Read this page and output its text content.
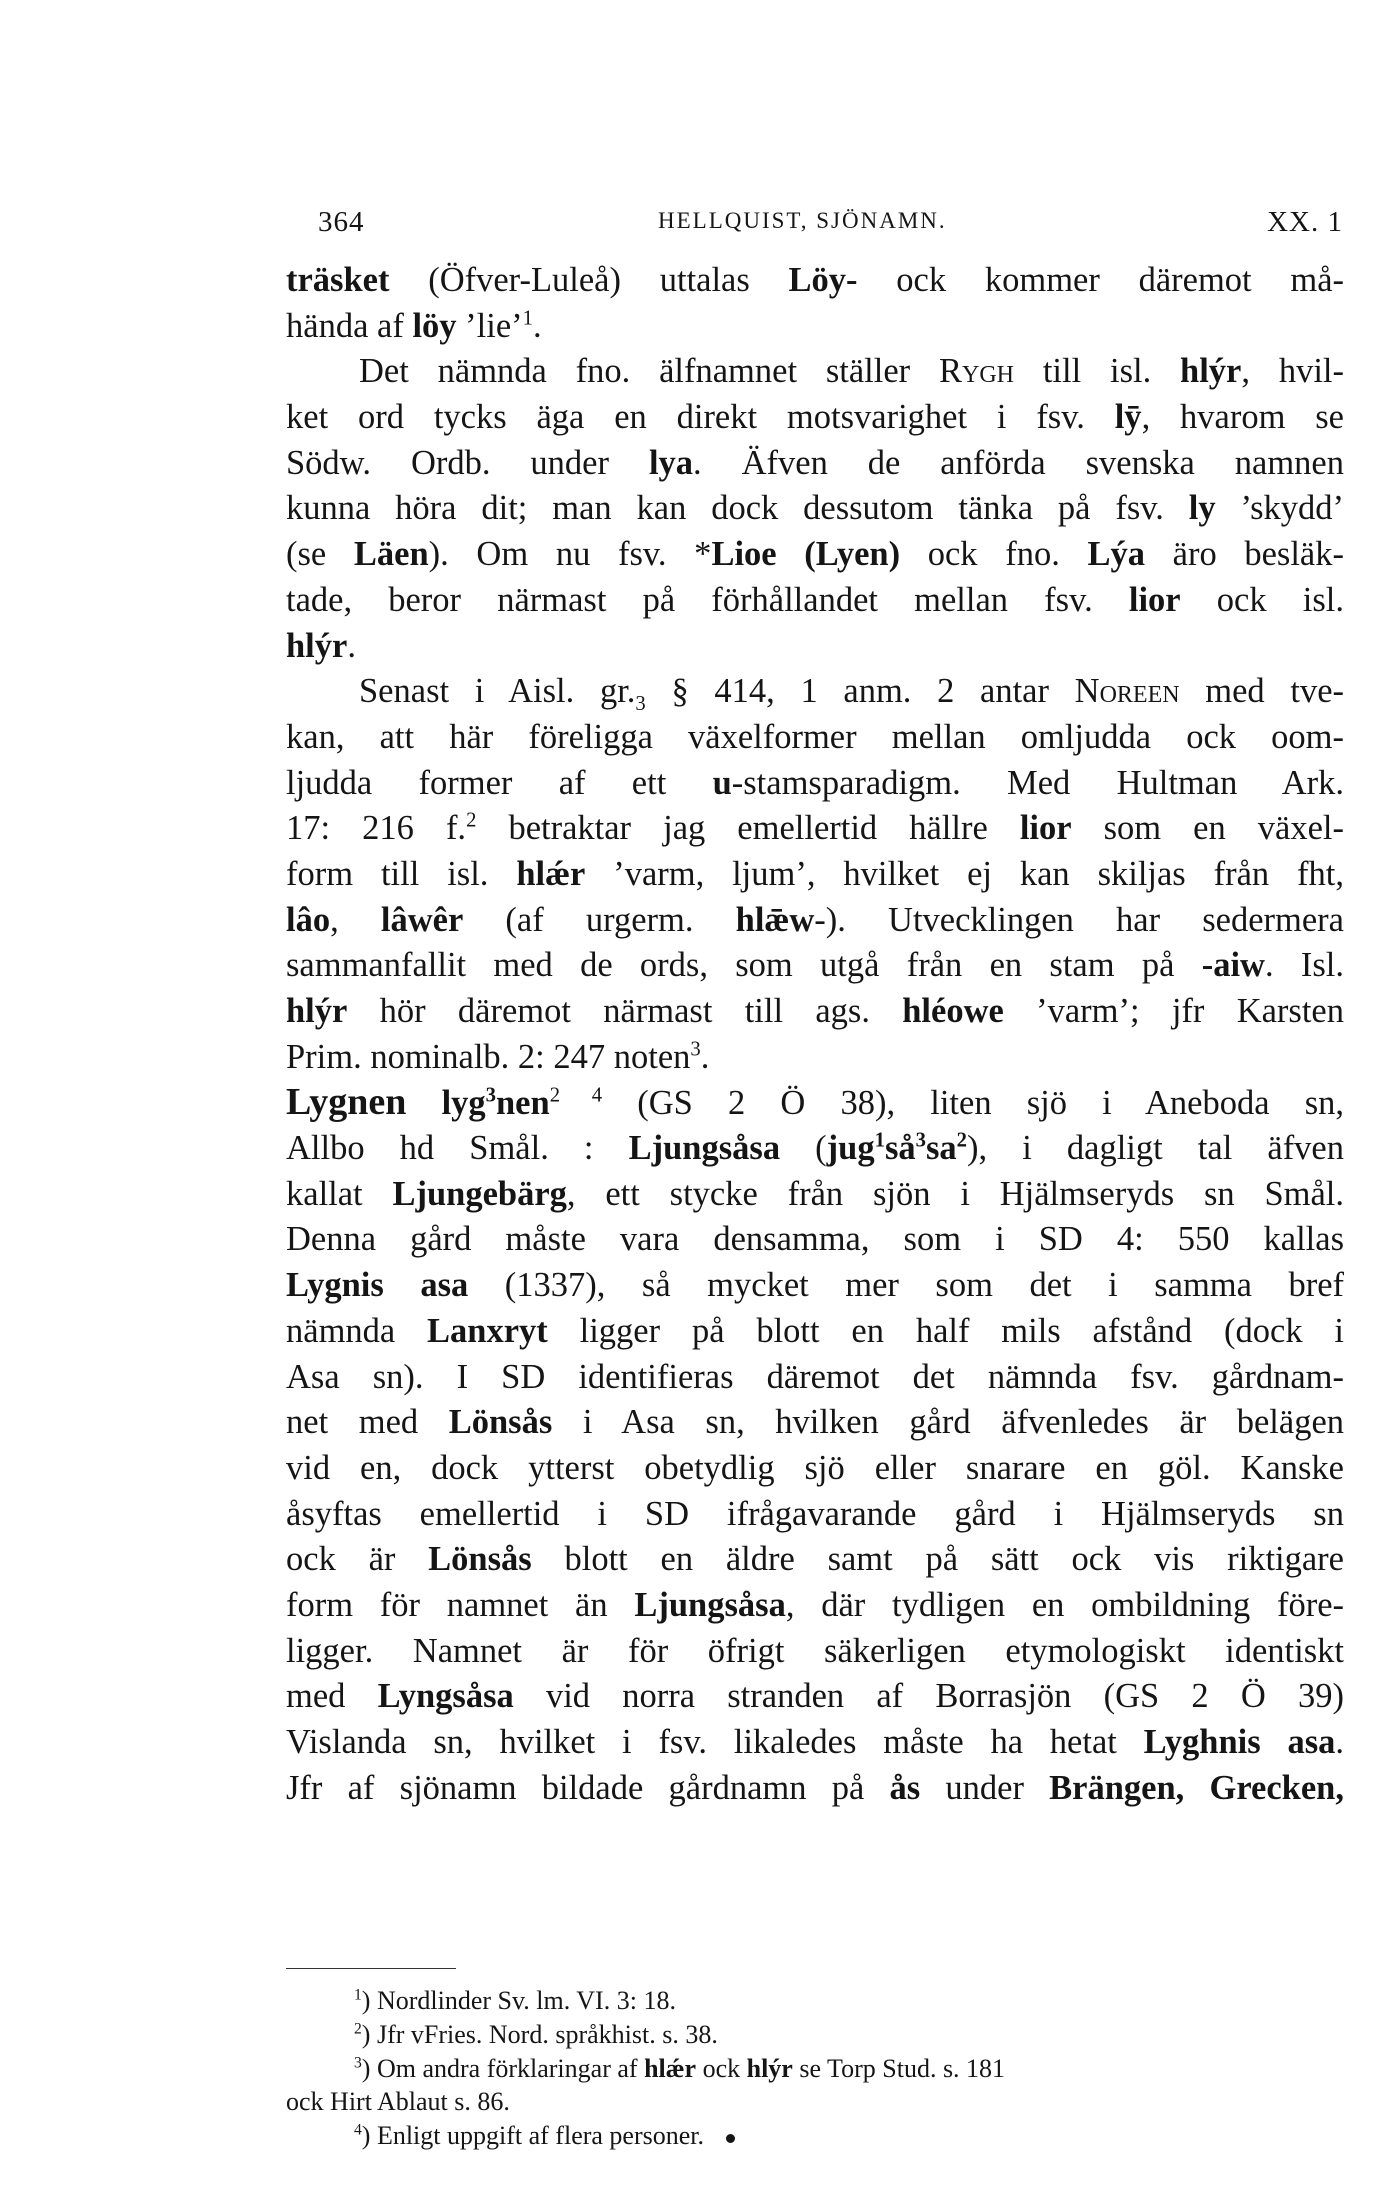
364	HELLQUIST, SJÖNAMN.	XX. 1

träsket (Öfver-Luleå) uttalas Löy- ock kommer däremot må-

hända af löy ’lie’$^1$.

Det nämnda fno. älfnamnet ställer Rygh till isl. hlýr, hvil-

ket ord tycks äga en direkt motsvarighet i fsv. lȳ, hvarom se

Södw. Ordb. under lya. Äfven de anförda svenska namnen

kunna höra dit; man kan dock dessutom tänka på fsv. ly ’skydd’

(se Läen). Om nu fsv. *Lioe (Lyen) ock fno. Lýa äro besläk-

tade, beror närmast på förhållandet mellan fsv. lior ock isl.

hlýr.

Senast i Aisl. $gr._3$ § 414, 1 anm. 2 antar Noreen med tve-

kan, att här föreligga växelformer mellan omljudda ock oom-

ljudda former af ett u-stamsparadigm. Med Hultman Ark.

17: 216 f.$^2$ betraktar jag emellertid hällre lior som en växel-

form till isl. hlǽr ’varm, ljum’, hvilket ej kan skiljas från fht,

lâo, lâwêr (af urgerm. hlǣw-). Utvecklingen har sedermera

sammanfallit med de ords, som utgå från en stam på -aiw. Isl.

hlýr hör däremot närmast till ags. hléowe ’varm’; jfr Karsten

Prim. nominalb. 2: 247 noten$^3$.

Lygnen lyg$^3$nen$^{2 4}$ (GS 2 Ö 38), liten sjö i Aneboda sn,

Allbo hd Smål. : Ljungsåsa $(jug^1så^3sa^2)$, i dagligt tal äfven

kallat Ljungebärg, ett stycke från sjön i Hjälmseryds sn Smål.

Denna gård måste vara densamma, som i SD 4: 550 kallas

Lygnis asa (1337), så mycket mer som det i samma bref

nämnda Lanxryt ligger på blott en half mils afstånd (dock i

Asa sn). I SD identifieras däremot det nämnda fsv. gårdnam-

net med Lönsås i Asa sn, hvilken gård äfvenledes är belägen

vid en, dock ytterst obetydlig sjö eller snarare en göl. Kanske

åsyftas emellertid i SD ifrågavarande gård i Hjälmseryds sn

ock är Lönsås blott en äldre samt på sätt ock vis riktigare

form för namnet än Ljungsåsa, där tydligen en ombildning före-

ligger. Namnet är för öfrigt säkerligen etymologiskt identiskt

med Lyngsåsa vid norra stranden af Borrasjön (GS 2 Ö 39)

Vislanda sn, hvilket i fsv. likaledes måste ha hetat Lyghnis asa.

Jfr af sjönamn bildade gårdnamn på ås under Brängen, Grecken,

$^1$) Nordlinder Sv. lm. VI. 3: 18.

$^2$) Jfr vFries. Nord. språkhist. s. 38.

$^3$) Om andra förklaringar af hlǽr ock hlýr se Torp Stud. s. 181

ock Hirt Ablaut s. 86.

$^4$) Enligt uppgift af flera personer.
